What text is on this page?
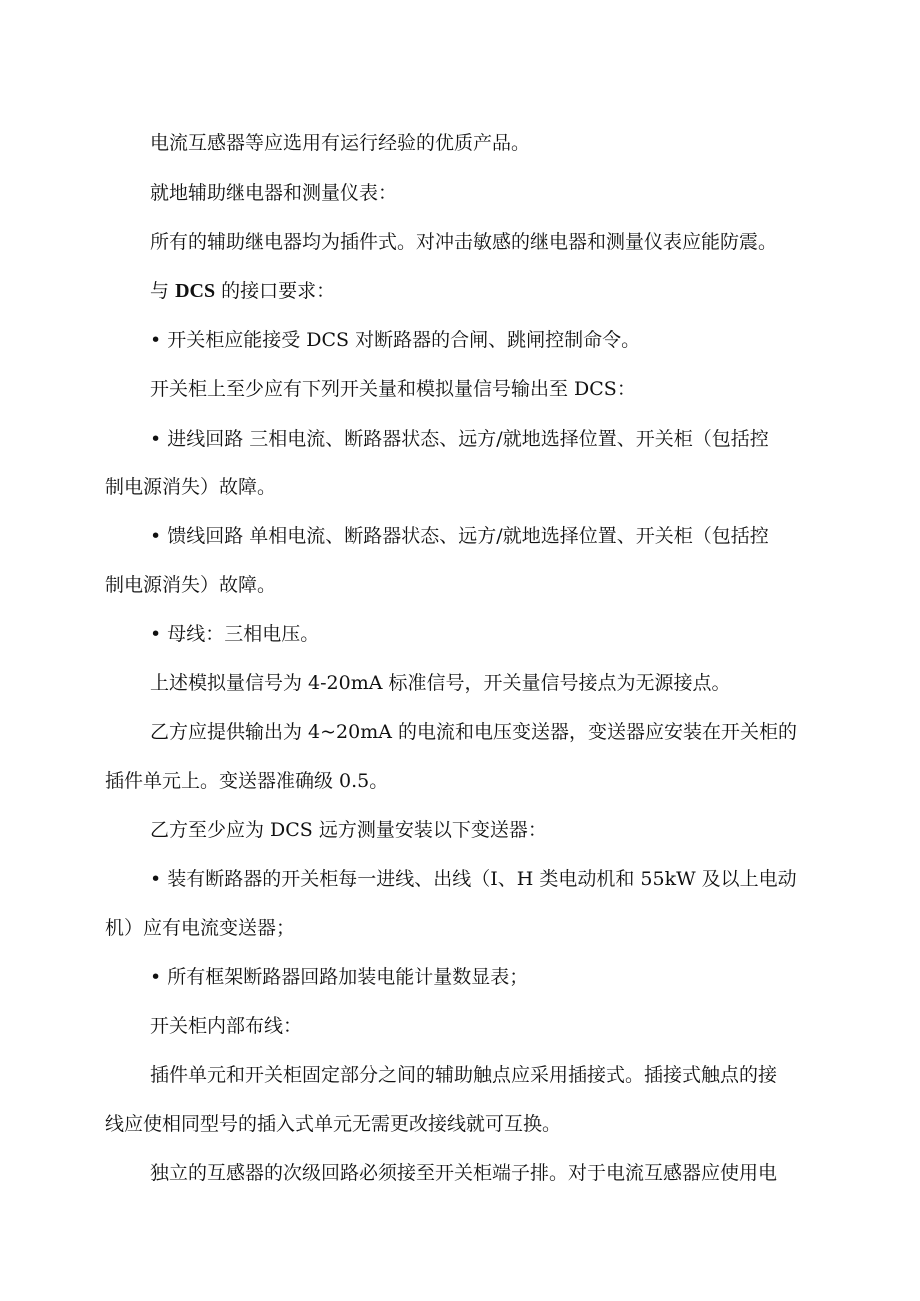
电流互感器等应选用有运行经验的优质产品。
就地辅助继电器和测量仪表：
所有的辅助继电器均为插件式。对冲击敏感的继电器和测量仪表应能防震。
与 DCS 的接口要求：
• 开关柜应能接受 DCS 对断路器的合闸、跳闸控制命令。
开关柜上至少应有下列开关量和模拟量信号输出至 DCS：
• 进线回路 三相电流、断路器状态、远方/就地选择位置、开关柜（包括控
制电源消失）故障。
• 馈线回路 单相电流、断路器状态、远方/就地选择位置、开关柜（包括控
制电源消失）故障。
• 母线：三相电压。
上述模拟量信号为 4-20mA 标准信号，开关量信号接点为无源接点。
乙方应提供输出为 4~20mA 的电流和电压变送器，变送器应安装在开关柜的
插件单元上。变送器准确级 0.5。
乙方至少应为 DCS 远方测量安装以下变送器：
• 装有断路器的开关柜每一进线、出线（I、H 类电动机和 55kW 及以上电动
机）应有电流变送器；
• 所有框架断路器回路加装电能计量数显表；
开关柜内部布线：
插件单元和开关柜固定部分之间的辅助触点应采用插接式。插接式触点的接
线应使相同型号的插入式单元无需更改接线就可互换。
独立的互感器的次级回路必须接至开关柜端子排。对于电流互感器应使用电
